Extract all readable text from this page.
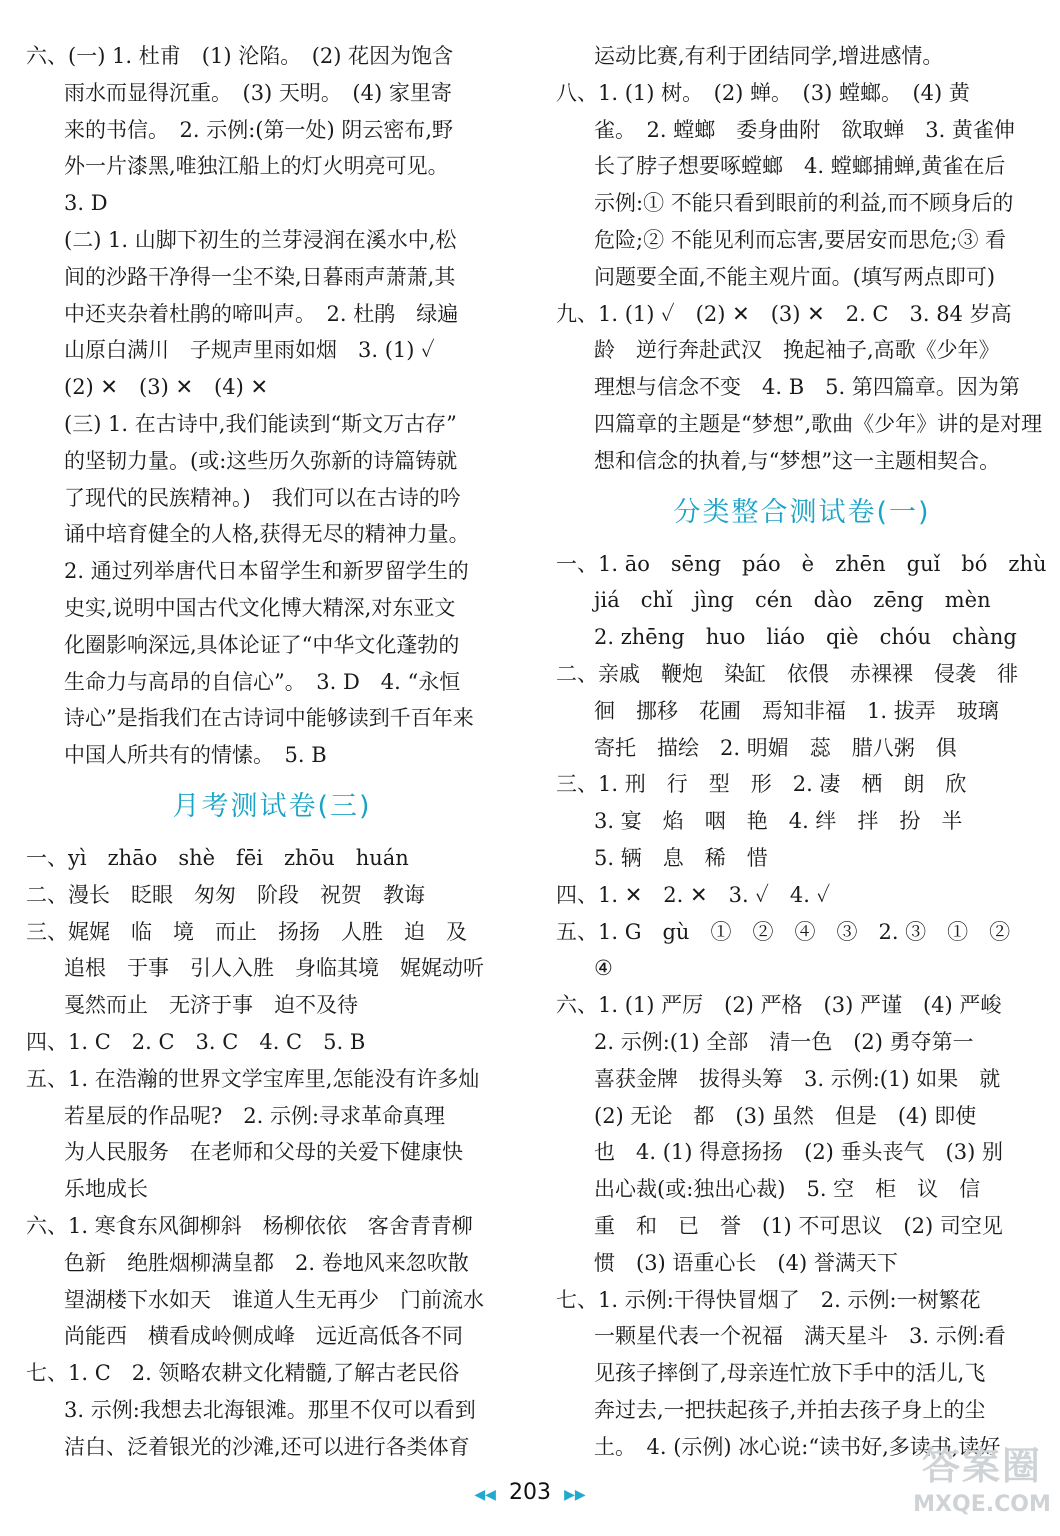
六、(一) 1. 杜甫　(1) 沦陷。　(2) 花因为饱含
雨水而显得沉重。　(3) 天明。　(4) 家里寄
来的书信。　2. 示例:(第一处) 阴云密布,野
外一片漆黑,唯独江船上的灯火明亮可见。
3. D
(二) 1. 山脚下初生的兰芽浸润在溪水中,松
间的沙路干净得一尘不染,日暮雨声萧萧,其
中还夹杂着杜鹃的啼叫声。　2. 杜鹃　绿遍
山原白满川　子规声里雨如烟　3. (1) ✓
(2) ✕　(3) ✕　(4) ✕
(三) 1. 在古诗中,我们能读到“斯文万古存”
的坚韧力量。(或:这些历久弥新的诗篇铸就
了现代的民族精神。)　我们可以在古诗的吟
诵中培育健全的人格,获得无尽的精神力量。
2. 通过列举唐代日本留学生和新罗留学生的
史实,说明中国古代文化博大精深,对东亚文
化圈影响深远,具体论证了“中华文化蓬勃的
生命力与高昂的自信心”。　3. D　4. “永恒
诗心”是指我们在古诗词中能够读到千百年来
中国人所共有的情愫。　5. B
月考测试卷(三)
一、yì　zhāo　shè　fēi　zhōu　huán
二、漫长　眨眼　匆匆　阶段　祝贺　教诲
三、娓娓　临　境　而止　扬扬　人胜　迫　及
追根　于事　引人入胜　身临其境　娓娓动听
戛然而止　无济于事　迫不及待
四、1. C　2. C　3. C　4. C　5. B
五、1. 在浩瀚的世界文学宝库里,怎能没有许多灿
若星辰的作品呢?　2. 示例:寻求革命真理
为人民服务　在老师和父母的关爱下健康快
乐地成长
六、1. 寒食东风御柳斜　杨柳依依　客舍青青柳
色新　绝胜烟柳满皇都　2. 卷地风来忽吹散
望湖楼下水如天　谁道人生无再少　门前流水
尚能西　横看成岭侧成峰　远近高低各不同
七、1. C　2. 领略农耕文化精髓,了解古老民俗
3. 示例:我想去北海银滩。那里不仅可以看到
洁白、泛着银光的沙滩,还可以进行各类体育
运动比赛,有利于团结同学,增进感情。
八、1. (1) 树。　(2) 蝉。　(3) 螳螂。　(4) 黄
雀。　2. 螳螂　委身曲附　欲取蝉　3. 黄雀伸
长了脖子想要啄螳螂　4. 螳螂捕蝉,黄雀在后
示例:① 不能只看到眼前的利益,而不顾身后的
危险;② 不能见利而忘害,要居安而思危;③ 看
问题要全面,不能主观片面。(填写两点即可)
九、1. (1) ✓　(2) ✕　(3) ✕　2. C　3. 84 岁高
龄　逆行奔赴武汉　挽起袖子,高歌《少年》
理想与信念不变　4. B　5. 第四篇章。因为第
四篇章的主题是“梦想”,歌曲《少年》讲的是对理
想和信念的执着,与“梦想”这一主题相契合。
分类整合测试卷(一)
一、1. āo　sēng　páo　è　zhēn　guǐ　bó　zhù
jiá　chǐ　jìng　cén　dào　zēng　mèn
2. zhēng　huo　liáo　qiè　chóu　chàng
二、亲戚　鞭炮　染缸　依偎　赤裸裸　侵袭　徘
徊　挪移　花圃　焉知非福　1. 拔弄　玻璃
寄托　描绘　2. 明媚　蕊　腊八粥　俱
三、1. 刑　行　型　形　2. 凄　栖　朗　欣
3. 宴　焰　咽　艳　4. 绊　拌　扮　半
5. 辆　息　稀　惜
四、1. ✕　2. ✕　3. ✓　4. ✓
五、1. G　gù　①　②　④　③　2. ③　①　②
④
六、1. (1) 严厉　(2) 严格　(3) 严谨　(4) 严峻
2. 示例:(1) 全部　清一色　(2) 勇夺第一
喜获金牌　拔得头筹　3. 示例:(1) 如果　就
(2) 无论　都　(3) 虽然　但是　(4) 即使
也　4. (1) 得意扬扬　(2) 垂头丧气　(3) 别
出心裁(或:独出心裁)　5. 空　柜　议　信
重　和　已　誉　(1) 不可思议　(2) 司空见
惯　(3) 语重心长　(4) 誉满天下
七、1. 示例:干得快冒烟了　2. 示例:一树繁花
一颗星代表一个祝福　满天星斗　3. 示例:看
见孩子摔倒了,母亲连忙放下手中的活儿,飞
奔过去,一把扶起孩子,并拍去孩子身上的尘
土。　4. (示例) 冰心说:“读书好,多读书,读好
◀◀ 203 ▶▶
答案圈
MXQE.COM
